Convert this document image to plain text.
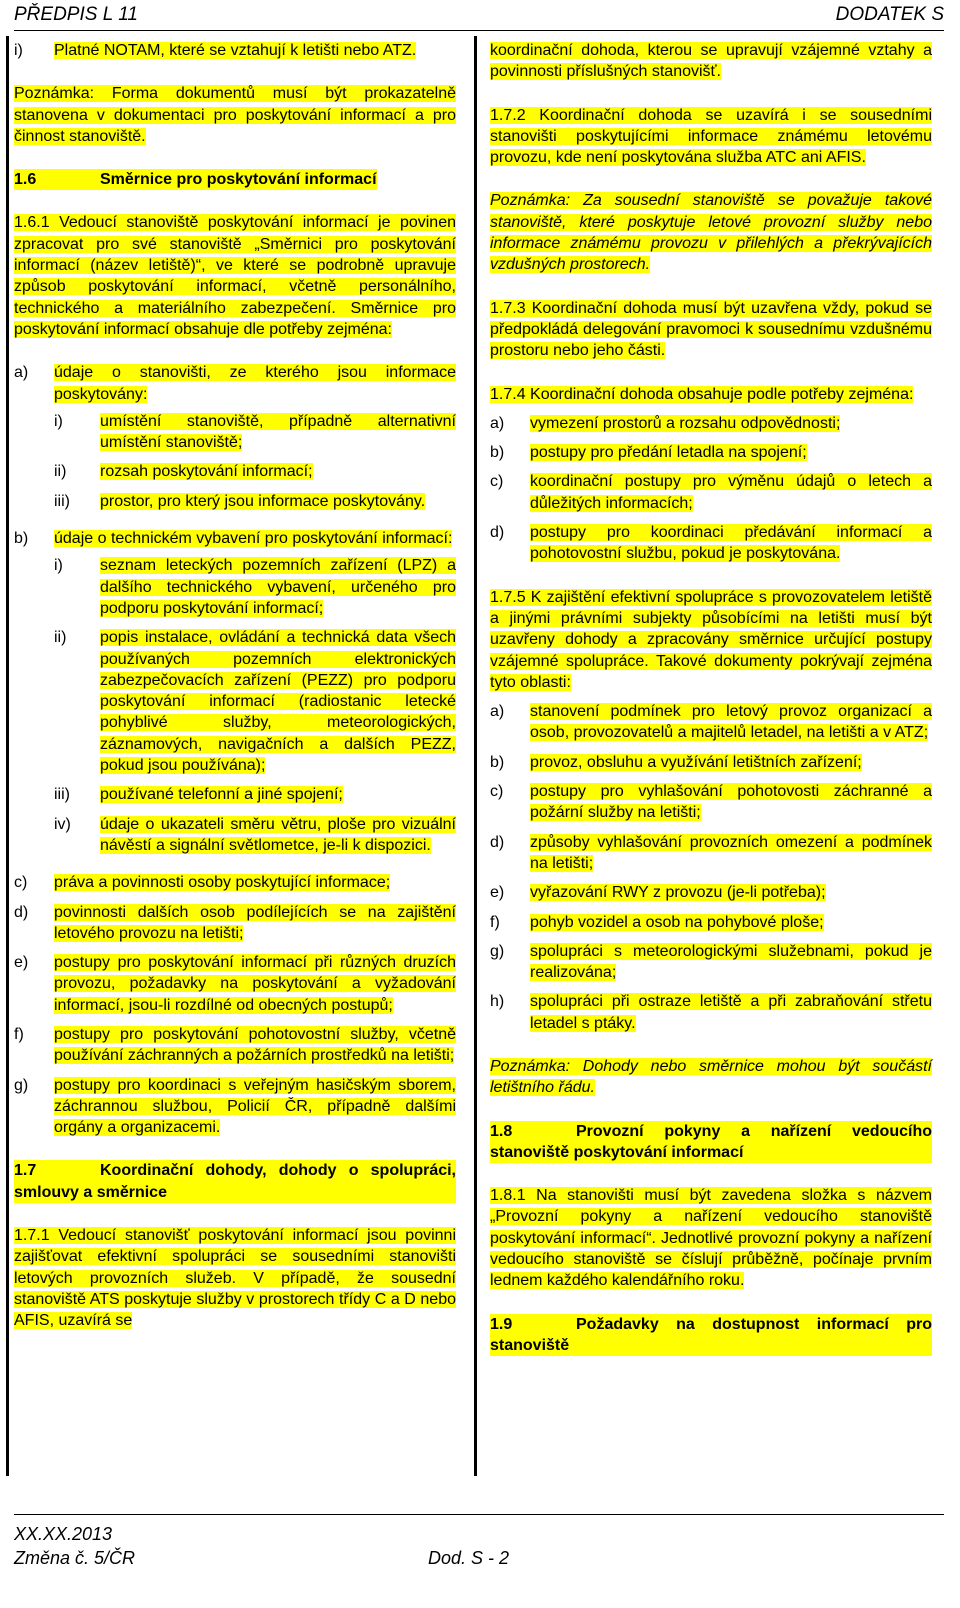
PŘEDPIS L 11	DODATEK S
i)	Platné NOTAM, které se vztahují k letišti nebo ATZ.

Poznámka: Forma dokumentů musí být prokazatelně stanovena v dokumentaci pro poskytování informací a pro činnost stanoviště.

1.6	Směrnice pro poskytování informací

1.6.1 Vedoucí stanoviště poskytování informací je povinen zpracovat pro své stanoviště „Směrnici pro poskytování informací (název letiště)“, ve které se podrobně upravuje způsob poskytování informací, včetně personálního, technického a materiálního zabezpečení. Směrnice pro poskytování informací obsahuje dle potřeby zejména:

a)	údaje o stanovišti, ze kterého jsou informace poskytovány:
i)	umístění stanoviště, případně alternativní umístění stanoviště;
ii)	rozsah poskytování informací;
iii)	prostor, pro který jsou informace poskytovány.
b)	údaje o technickém vybavení pro poskytování informací:
i)	seznam leteckých pozemních zařízení (LPZ) a dalšího technického vybavení, určeného pro podporu poskytování informací;
ii)	popis instalace, ovládání a technická data všech používaných pozemních elektronických zabezpečovacích zařízení (PEZZ) pro podporu poskytování informací (radiostanic letecké pohyblivé služby, meteorologických, záznamových, navigačních a dalších PEZZ, pokud jsou používána);
iii)	používané telefonní a jiné spojení;
iv)	údaje o ukazateli směru větru, ploše pro vizuální návěstí a signální světlometce, je-li k dispozici.
c)	práva a povinnosti osoby poskytující informace;
d)	povinnosti dalších osob podílejících se na zajištění letového provozu na letišti;
e)	postupy pro poskytování informací při různých druzích provozu, požadavky na poskytování a vyžadování informací, jsou-li rozdílné od obecných postupů;
f)	postupy pro poskytování pohotovostní služby, včetně používání záchranných a požárních prostředků na letišti;
g)	postupy pro koordinaci s veřejným hasičským sborem, záchrannou službou, Policií ČR, případně dalšími orgány a organizacemi.
1.7	Koordinační dohody, dohody o spolupráci, smlouvy a směrnice

1.7.1 Vedoucí stanovišť poskytování informací jsou povinni zajišťovat efektivní spolupráci se sousedními stanovišti letových provozních služeb. V případě, že sousední stanoviště ATS poskytuje služby v prostorech třídy C a D nebo AFIS, uzavírá se

koordinační dohoda, kterou se upravují vzájemné vztahy a povinnosti příslušných stanovišť.

1.7.2 Koordinační dohoda se uzavírá i se sousedními stanovišti poskytujícími informace známému letovému provozu, kde není poskytována služba ATC ani AFIS.

Poznámka: Za sousední stanoviště se považuje takové stanoviště, které poskytuje letové provozní služby nebo informace známému provozu v přilehlých a překrývajících vzdušných prostorech.

1.7.3 Koordinační dohoda musí být uzavřena vždy, pokud se předpokládá delegování pravomoci k sousednímu vzdušnému prostoru nebo jeho části.

1.7.4 Koordinační dohoda obsahuje podle potřeby zejména:

a)	vymezení prostorů a rozsahu odpovědnosti;
b)	postupy pro předání letadla na spojení;
c)	koordinační postupy pro výměnu údajů o letech a důležitých informacích;
d)	postupy pro koordinaci předávání informací a pohotovostní službu, pokud je poskytována.

1.7.5 K zajištění efektivní spolupráce s provozovatelem letiště a jinými právními subjekty působícími na letišti musí být uzavřeny dohody a zpracovány směrnice určující postupy vzájemné spolupráce. Takové dokumenty pokrývají zejména tyto oblasti:

a)	stanovení podmínek pro letový provoz organizací a osob, provozovatelů a majitelů letadel, na letišti a v ATZ;
b)	provoz, obsluhu a využívání letištních zařízení;
c)	postupy pro vyhlašování pohotovosti záchranné a požární služby na letišti;
d)	způsoby vyhlašování provozních omezení a podmínek na letišti;
e)	vyřazování RWY z provozu (je-li potřeba);
f)	pohyb vozidel a osob na pohybové ploše;
g)	spolupráci s meteorologickými služebnami, pokud je realizována;
h)	spolupráci při ostraze letiště a při zabraňování střetu letadel s ptáky.

Poznámka: Dohody nebo směrnice mohou být součástí letištního řádu.

1.8	Provozní pokyny a nařízení vedoucího stanoviště poskytování informací

1.8.1 Na stanovišti musí být zavedena složka s názvem „Provozní pokyny a nařízení vedoucího stanoviště poskytování informací“. Jednotlivé provozní pokyny a nařízení vedoucího stanoviště se číslují průběžně, počínaje prvním lednem každého kalendářního roku.

1.9	Požadavky na dostupnost informací pro stanoviště
XX.XX.2013
Změna č. 5/ČR	Dod. S - 2
